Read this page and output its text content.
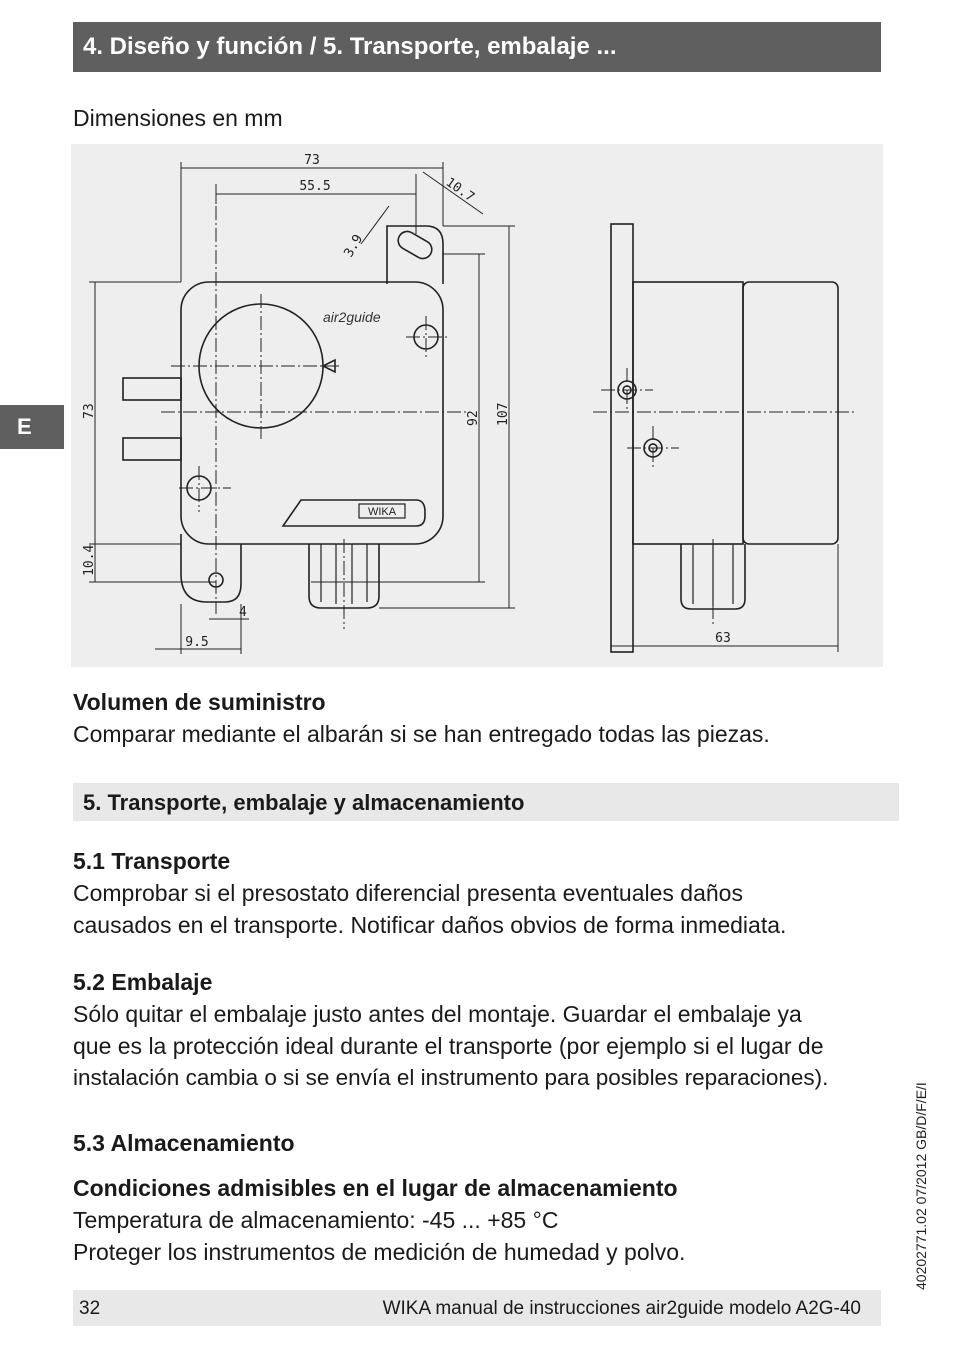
4. Diseño y función / 5. Transporte, embalaje ...
E
Dimensiones en mm
WIKA
air2guide
73
55.5	10.7
3.9
73
10.4
9.5
4
92 107
63
Volumen de suministro
Comparar mediante el albarán si se han entregado todas las piezas.
5. Transporte, embalaje y almacenamiento
5.1 Transporte
Comprobar si el presostato diferencial presenta eventuales daños
causados en el transporte. Notificar daños obvios de forma inmediata.
5.2 Embalaje
Sólo quitar el embalaje justo antes del montaje. Guardar el embalaje ya
que es la protección ideal durante el transporte (por ejemplo si el lugar de
instalación cambia o si se envía el instrumento para posibles reparaciones).
5.3 Almacenamiento
Condiciones admisibles en el lugar de almacenamiento
Temperatura de almacenamiento: -45 ... +85 °C
Proteger los instrumentos de medición de humedad y polvo.	40202771.02 07/2012 GB/D/F/E/I
32	WIKA manual de instrucciones air2guide modelo A2G-40
